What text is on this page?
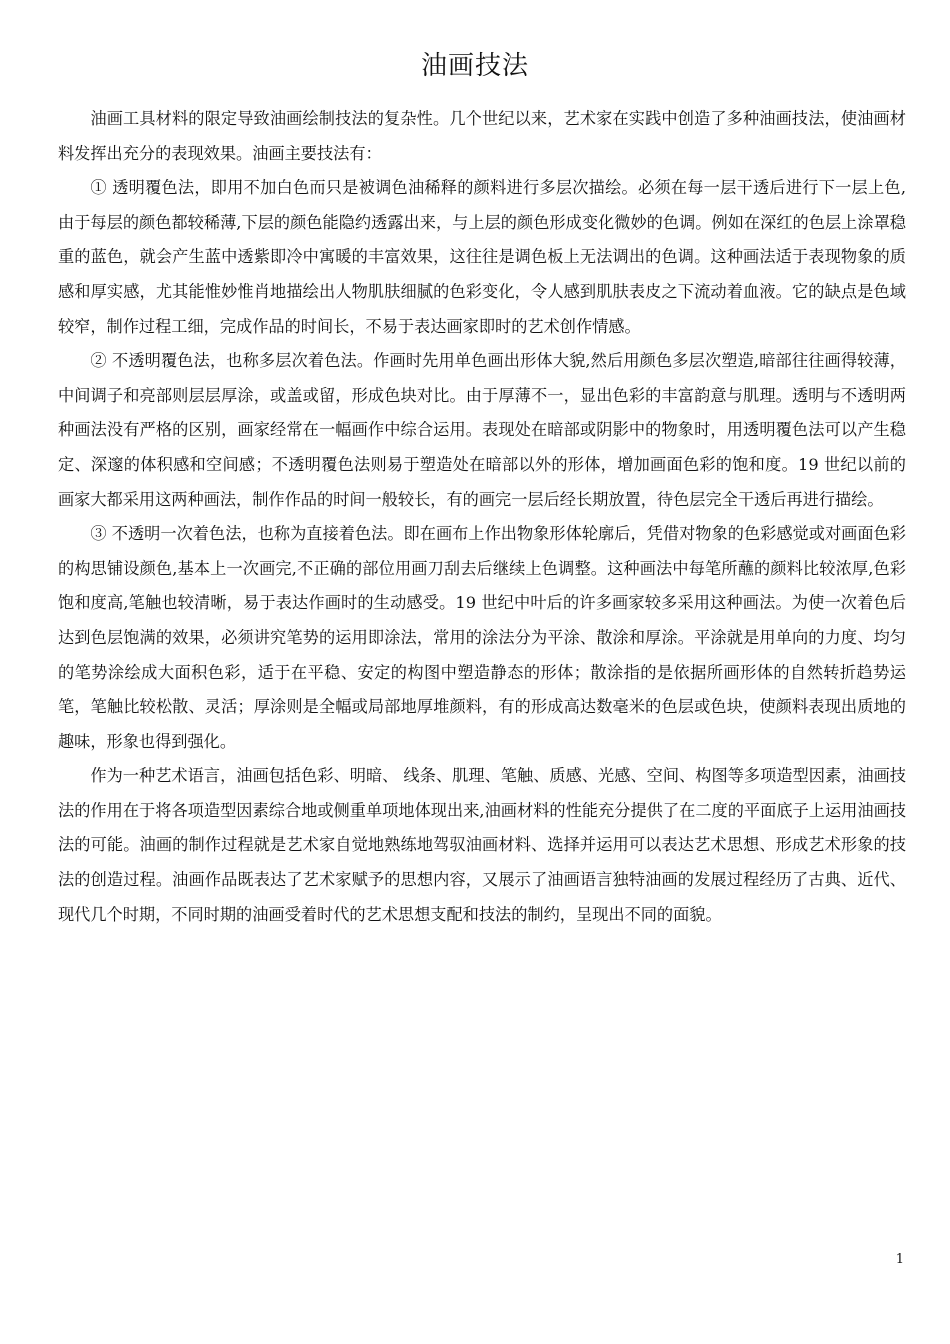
油画技法

油画工具材料的限定导致油画绘制技法的复杂性。几个世纪以来，艺术家在实践中创造了多种油画技法，使油画材料发挥出充分的表现效果。油画主要技法有：

① 透明覆色法，即用不加白色而只是被调色油稀释的颜料进行多层次描绘。必须在每一层干透后进行下一层上色,由于每层的颜色都较稀薄,下层的颜色能隐约透露出来，与上层的颜色形成变化微妙的色调。例如在深红的色层上涂罩稳重的蓝色，就会产生蓝中透紫即冷中寓暖的丰富效果，这往往是调色板上无法调出的色调。这种画法适于表现物象的质感和厚实感，尤其能惟妙惟肖地描绘出人物肌肤细腻的色彩变化，令人感到肌肤表皮之下流动着血液。它的缺点是色域较窄，制作过程工细，完成作品的时间长，不易于表达画家即时的艺术创作情感。

② 不透明覆色法，也称多层次着色法。作画时先用单色画出形体大貌,然后用颜色多层次塑造,暗部往往画得较薄，中间调子和亮部则层层厚涂，或盖或留，形成色块对比。由于厚薄不一，显出色彩的丰富韵意与肌理。透明与不透明两种画法没有严格的区别，画家经常在一幅画作中综合运用。表现处在暗部或阴影中的物象时，用透明覆色法可以产生稳定、深邃的体积感和空间感；不透明覆色法则易于塑造处在暗部以外的形体，增加画面色彩的饱和度。19 世纪以前的画家大都采用这两种画法，制作作品的时间一般较长，有的画完一层后经长期放置，待色层完全干透后再进行描绘。

③ 不透明一次着色法，也称为直接着色法。即在画布上作出物象形体轮廓后，凭借对物象的色彩感觉或对画面色彩的构思铺设颜色,基本上一次画完,不正确的部位用画刀刮去后继续上色调整。这种画法中每笔所蘸的颜料比较浓厚,色彩饱和度高,笔触也较清晰，易于表达作画时的生动感受。19 世纪中叶后的许多画家较多采用这种画法。为使一次着色后达到色层饱满的效果，必须讲究笔势的运用即涂法，常用的涂法分为平涂、散涂和厚涂。平涂就是用单向的力度、均匀的笔势涂绘成大面积色彩，适于在平稳、安定的构图中塑造静态的形体；散涂指的是依据所画形体的自然转折趋势运笔，笔触比较松散、灵活；厚涂则是全幅或局部地厚堆颜料，有的形成高达数毫米的色层或色块，使颜料表现出质地的趣味，形象也得到强化。

作为一种艺术语言，油画包括色彩、明暗、 线条、肌理、笔触、质感、光感、空间、构图等多项造型因素，油画技法的作用在于将各项造型因素综合地或侧重单项地体现出来,油画材料的性能充分提供了在二度的平面底子上运用油画技法的可能。油画的制作过程就是艺术家自觉地熟练地驾驭油画材料、选择并运用可以表达艺术思想、形成艺术形象的技法的创造过程。油画作品既表达了艺术家赋予的思想内容，又展示了油画语言独特油画的发展过程经历了古典、近代、现代几个时期，不同时期的油画受着时代的艺术思想支配和技法的制约，呈现出不同的面貌。

1
